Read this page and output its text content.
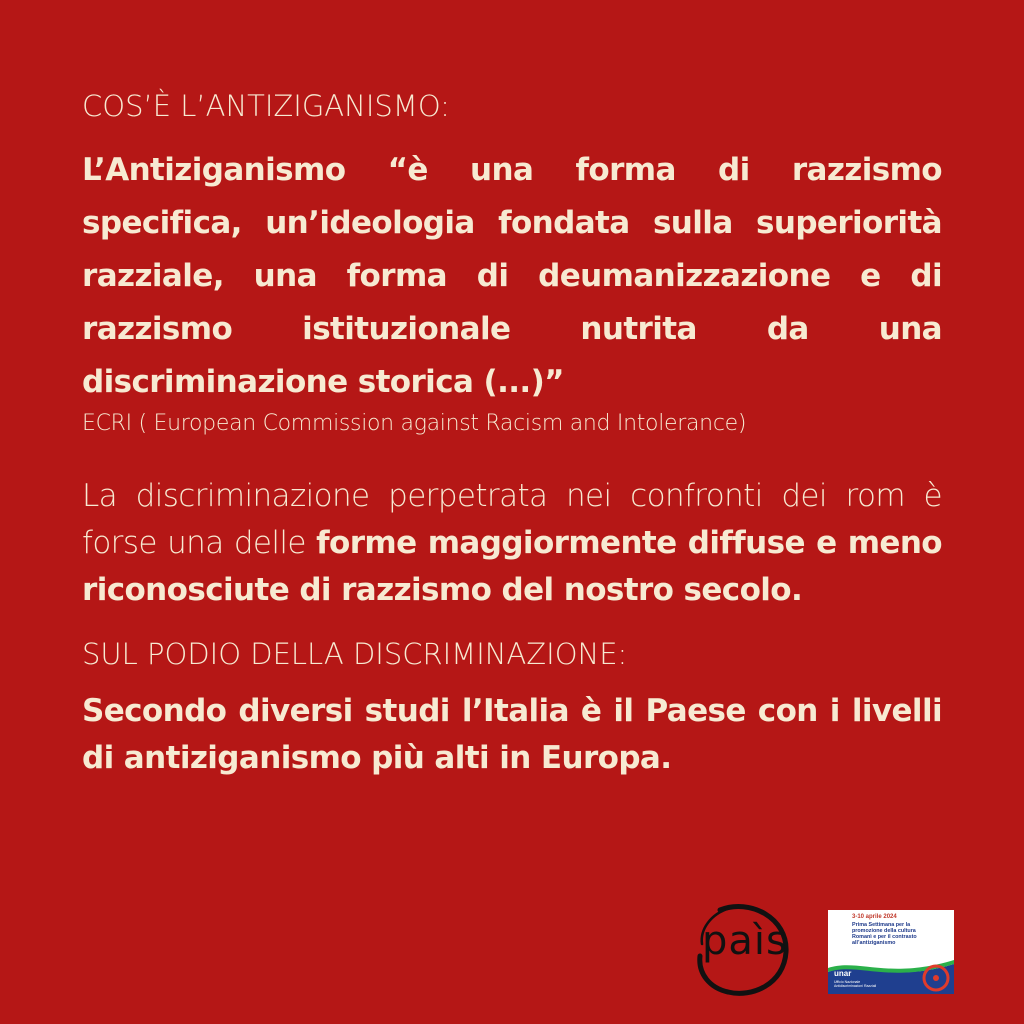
COS’È L’ANTIZIGANISMO:

L’Antiziganismo “è una forma di razzismo specifica, un’ideologia fondata sulla superiorità razziale, una forma di deumanizzazione e di razzismo istituzionale nutrita da una discriminazione storica (...)”

ECRI ( European Commission against Racism and Intolerance)

La discriminazione perpetrata nei confronti dei rom è forse una delle forme maggiormente diffuse e meno riconosciute di razzismo del nostro secolo.

SUL PODIO DELLA DISCRIMINAZIONE:

Secondo diversi studi l’Italia è il Paese con i livelli di antiziganismo più alti in Europa.

paìs
3-10 aprile 2024
Prima Settimana per la promozione della cultura Romanì e per il contrasto all’antiziganismo
unar
Ufficio Nazionale Antidiscriminazioni Razziali
